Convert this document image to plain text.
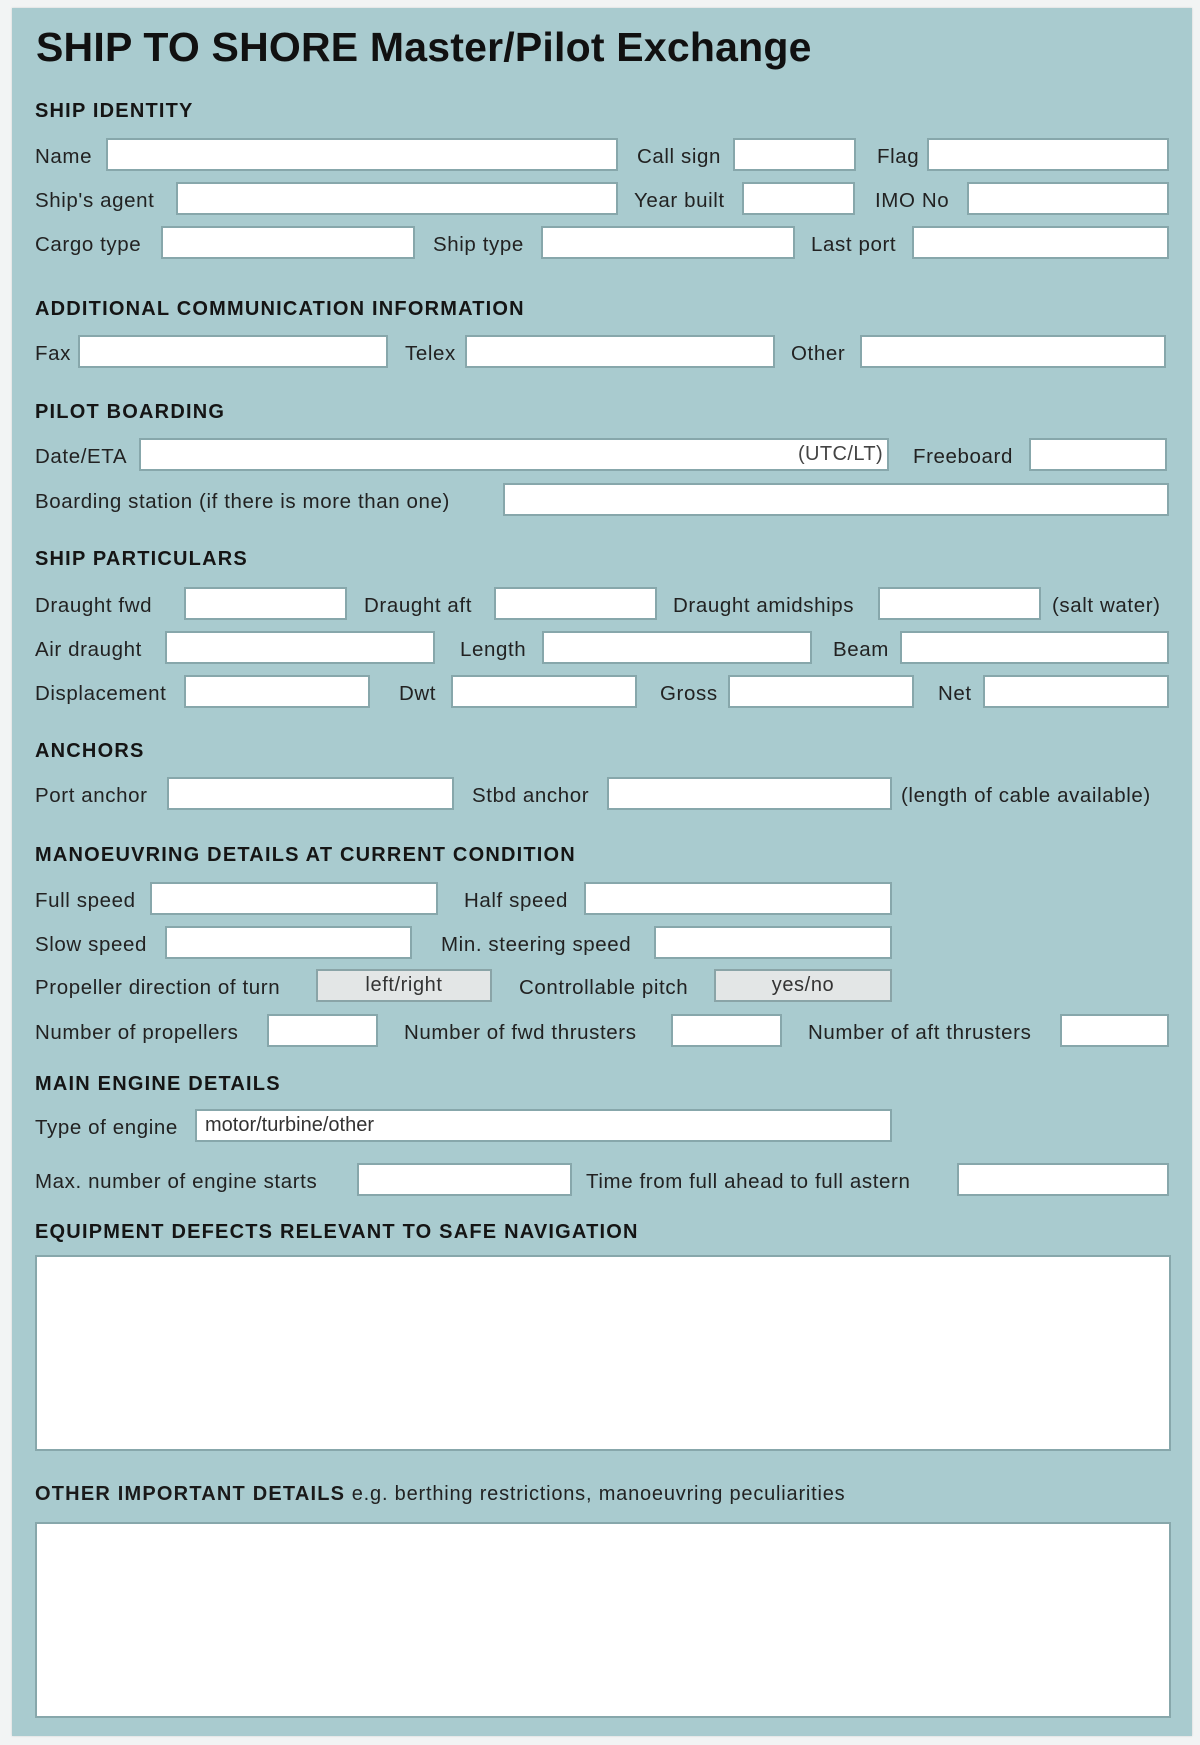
SHIP TO SHORE Master/Pilot Exchange
SHIP IDENTITY
Name	Call sign	Flag
Ship's agent	Year built	IMO No
Cargo type	Ship type	Last port
ADDITIONAL COMMUNICATION INFORMATION
Fax	Telex	Other
PILOT BOARDING
Date/ETA	(UTC/LT) Freeboard
Boarding station (if there is more than one)
SHIP PARTICULARS
Draught fwd	Draught aft	Draught amidships	(salt water)
Air draught	Length	Beam
Displacement	Dwt	Gross	Net
ANCHORS
Port anchor	Stbd anchor	(length of cable available)
MANOEUVRING DETAILS AT CURRENT CONDITION
Full speed	Half speed
Slow speed	Min. steering speed
Propeller direction of turn	left/right	Controllable pitch	yes/no
Number of propellers	Number of fwd thrusters	Number of aft thrusters
MAIN ENGINE DETAILS
Type of engine
motor/turbine/other
Max. number of engine starts	Time from full ahead to full astern
EQUIPMENT DEFECTS RELEVANT TO SAFE NAVIGATION
OTHER IMPORTANT DETAILS e.g. berthing restrictions, manoeuvring peculiarities
